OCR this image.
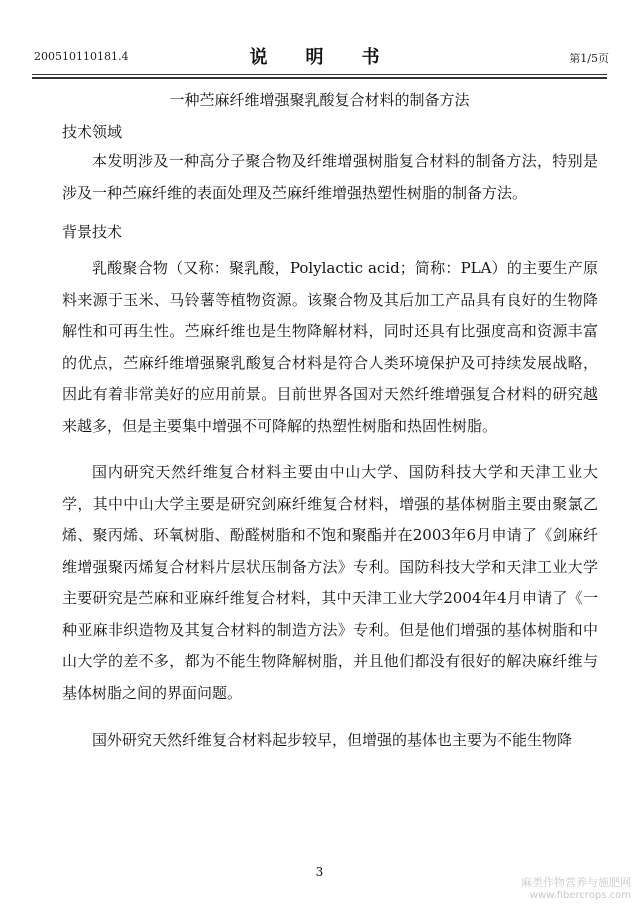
200510110181.4	说　明　书	第1/5页
一种苎麻纤维增强聚乳酸复合材料的制备方法
技术领域
本发明涉及一种高分子聚合物及纤维增强树脂复合材料的制备方法，特别是涉及一种苎麻纤维的表面处理及苎麻纤维增强热塑性树脂的制备方法。
背景技术
乳酸聚合物（又称：聚乳酸，Polylactic acid；简称：PLA）的主要生产原料来源于玉米、马铃薯等植物资源。该聚合物及其后加工产品具有良好的生物降解性和可再生性。苎麻纤维也是生物降解材料，同时还具有比强度高和资源丰富的优点，苎麻纤维增强聚乳酸复合材料是符合人类环境保护及可持续发展战略，因此有着非常美好的应用前景。目前世界各国对天然纤维增强复合材料的研究越来越多，但是主要集中增强不可降解的热塑性树脂和热固性树脂。
国内研究天然纤维复合材料主要由中山大学、国防科技大学和天津工业大学，其中中山大学主要是研究剑麻纤维复合材料，增强的基体树脂主要由聚氯乙烯、聚丙烯、环氧树脂、酚醛树脂和不饱和聚酯并在2003年6月申请了《剑麻纤维增强聚丙烯复合材料片层状压制备方法》专利。国防科技大学和天津工业大学主要研究是苎麻和亚麻纤维复合材料，其中天津工业大学2004年4月申请了《一种亚麻非织造物及其复合材料的制造方法》专利。但是他们增强的基体树脂和中山大学的差不多，都为不能生物降解树脂，并且他们都没有很好的解决麻纤维与基体树脂之间的界面问题。
国外研究天然纤维复合材料起步较早，但增强的基体也主要为不能生物降
3
麻类作物营养与施肥网
www.fibercrops.com
